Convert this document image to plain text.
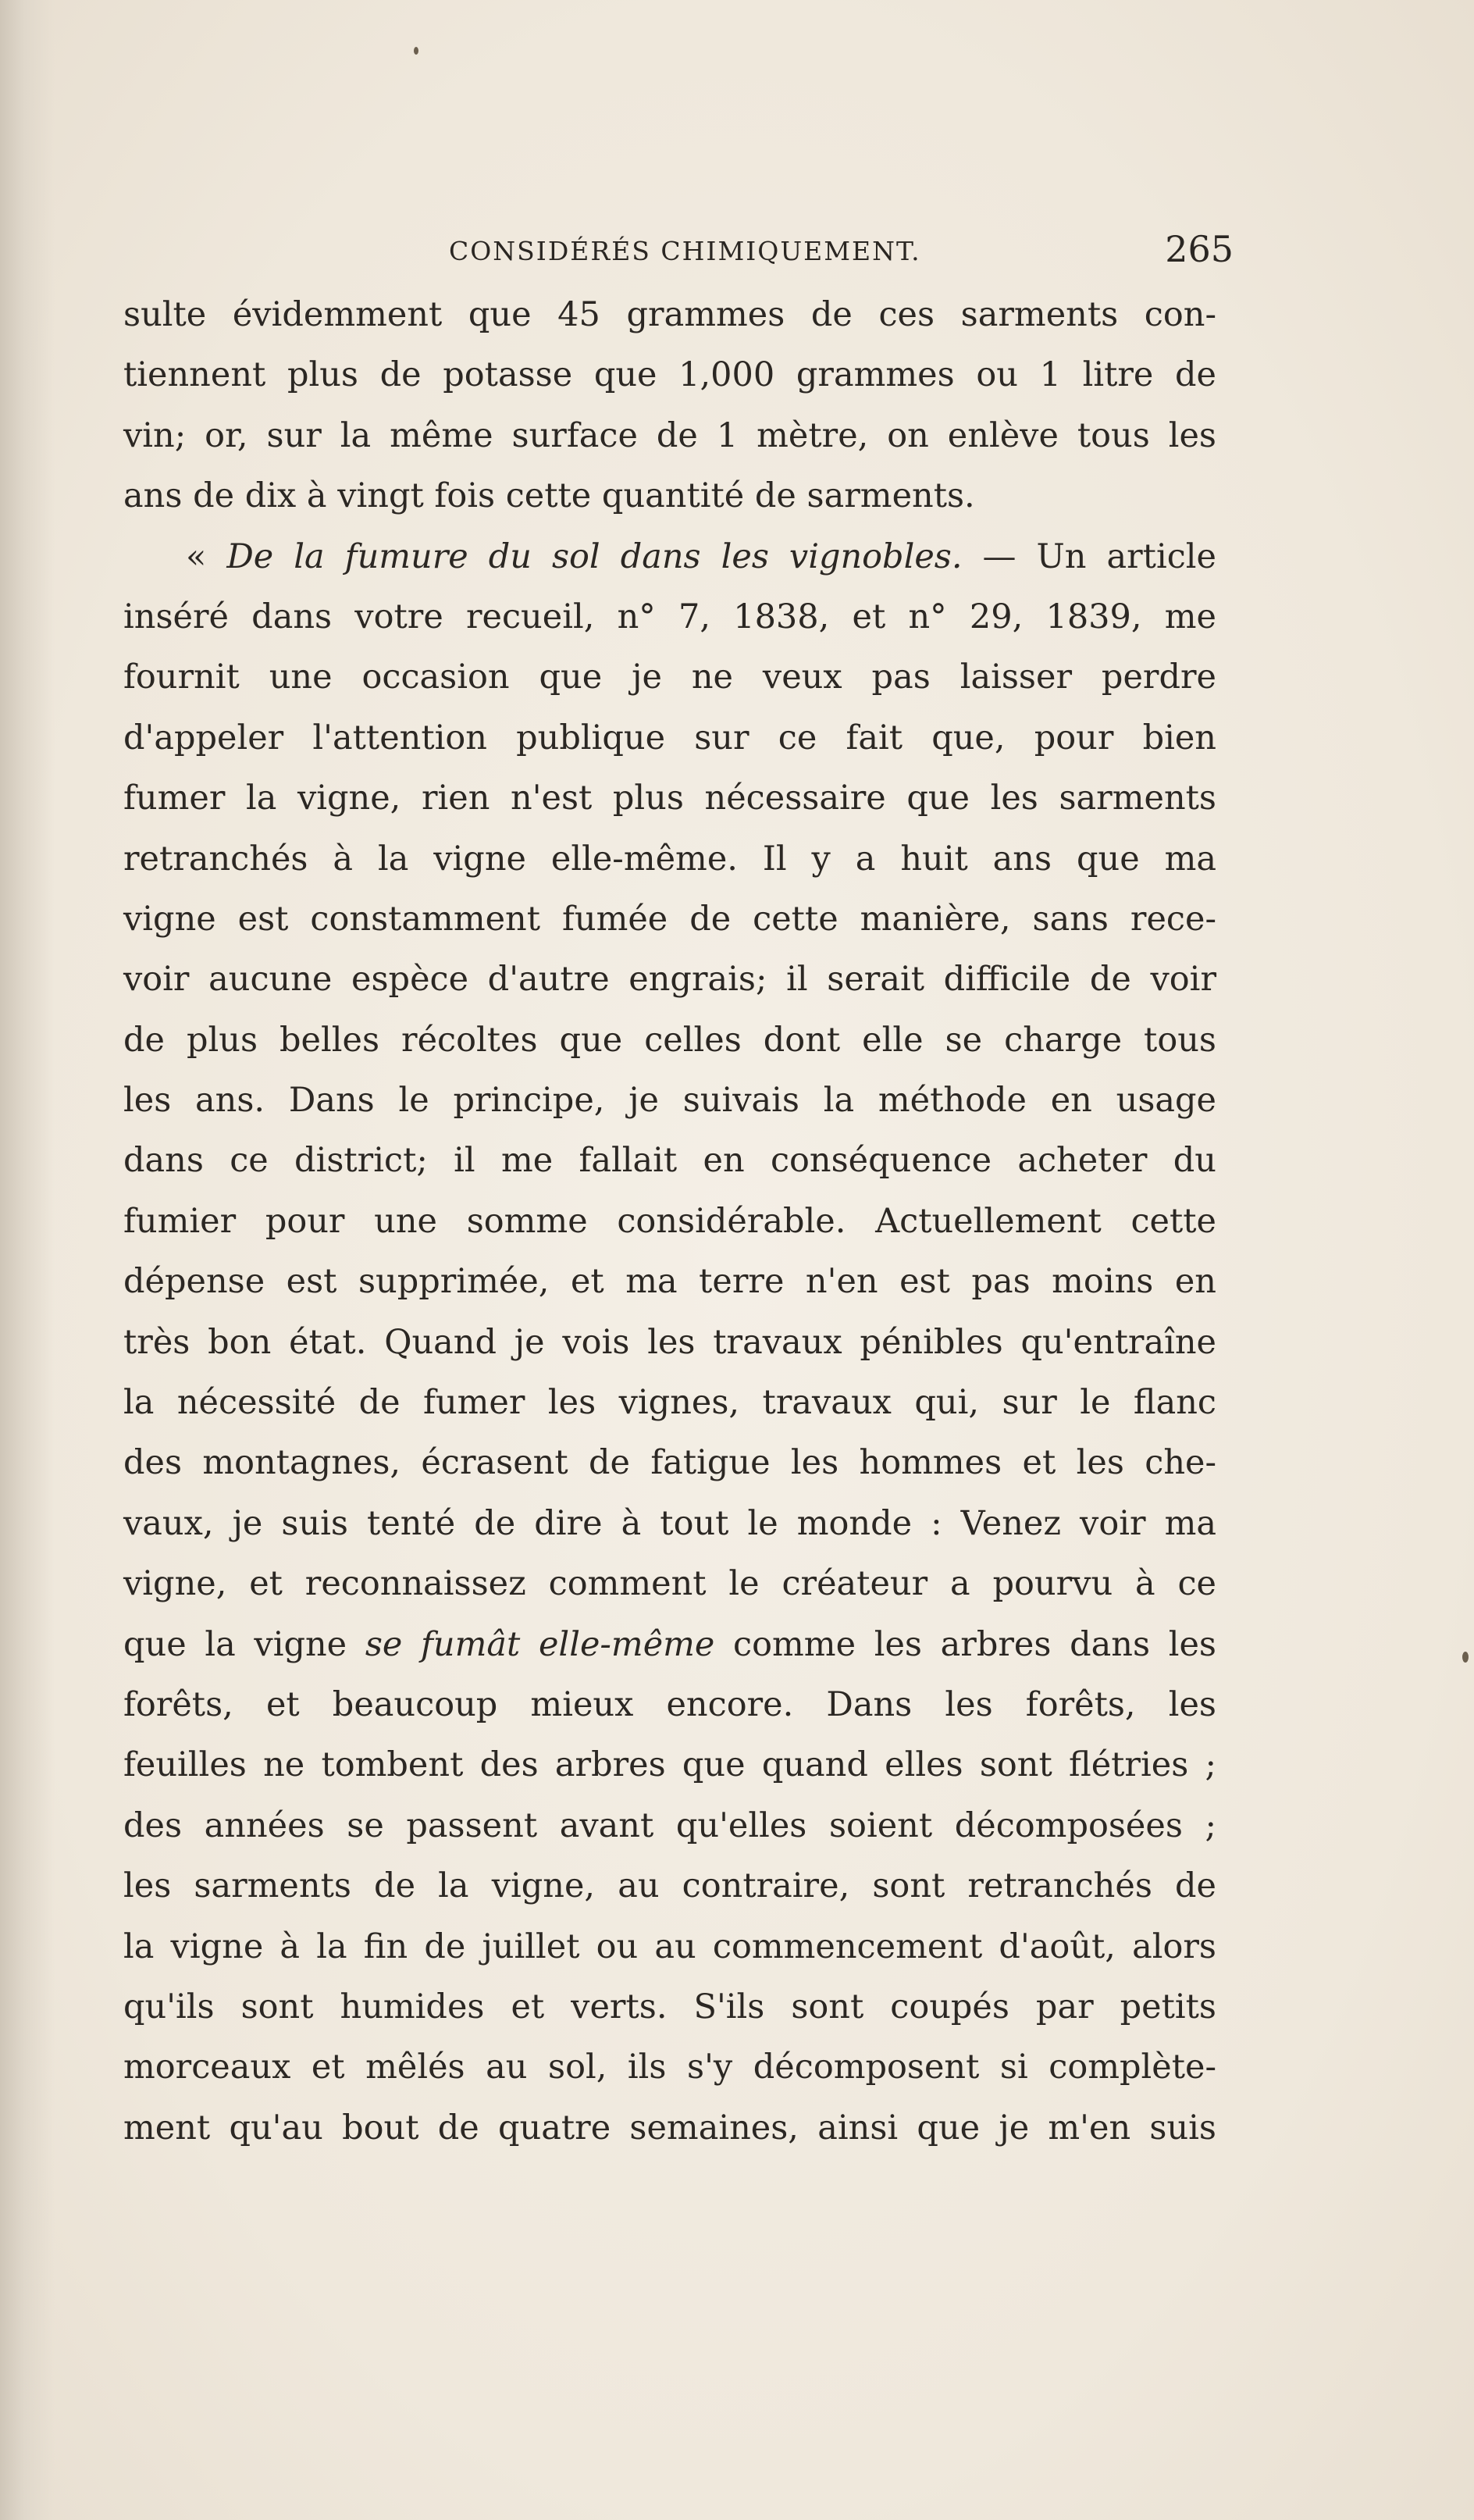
CONSIDÉRÉS CHIMIQUEMENT.	265
sulte évidemment que 45 grammes de ces sarments con-
tiennent plus de potasse que 1,000 grammes ou 1 litre de
vin; or, sur la même surface de 1 mètre, on enlève tous les
ans de dix à vingt fois cette quantité de sarments.
« De la fumure du sol dans les vignobles. — Un article
inséré dans votre recueil, n° 7, 1838, et n° 29, 1839, me
fournit une occasion que je ne veux pas laisser perdre
d'appeler l'attention publique sur ce fait que, pour bien
fumer la vigne, rien n'est plus nécessaire que les sarments
retranchés à la vigne elle-même. Il y a huit ans que ma
vigne est constamment fumée de cette manière, sans rece-
voir aucune espèce d'autre engrais; il serait difficile de voir
de plus belles récoltes que celles dont elle se charge tous
les ans. Dans le principe, je suivais la méthode en usage
dans ce district; il me fallait en conséquence acheter du
fumier pour une somme considérable. Actuellement cette
dépense est supprimée, et ma terre n'en est pas moins en
très bon état. Quand je vois les travaux pénibles qu'entraîne
la nécessité de fumer les vignes, travaux qui, sur le flanc
des montagnes, écrasent de fatigue les hommes et les che-
vaux, je suis tenté de dire à tout le monde : Venez voir ma
vigne, et reconnaissez comment le créateur a pourvu à ce
que la vigne se fumât elle-même comme les arbres dans les
forêts, et beaucoup mieux encore. Dans les forêts, les
feuilles ne tombent des arbres que quand elles sont flétries ;
des années se passent avant qu'elles soient décomposées ;
les sarments de la vigne, au contraire, sont retranchés de
la vigne à la fin de juillet ou au commencement d'août, alors
qu'ils sont humides et verts. S'ils sont coupés par petits
morceaux et mêlés au sol, ils s'y décomposent si complète-
ment qu'au bout de quatre semaines, ainsi que je m'en suis
